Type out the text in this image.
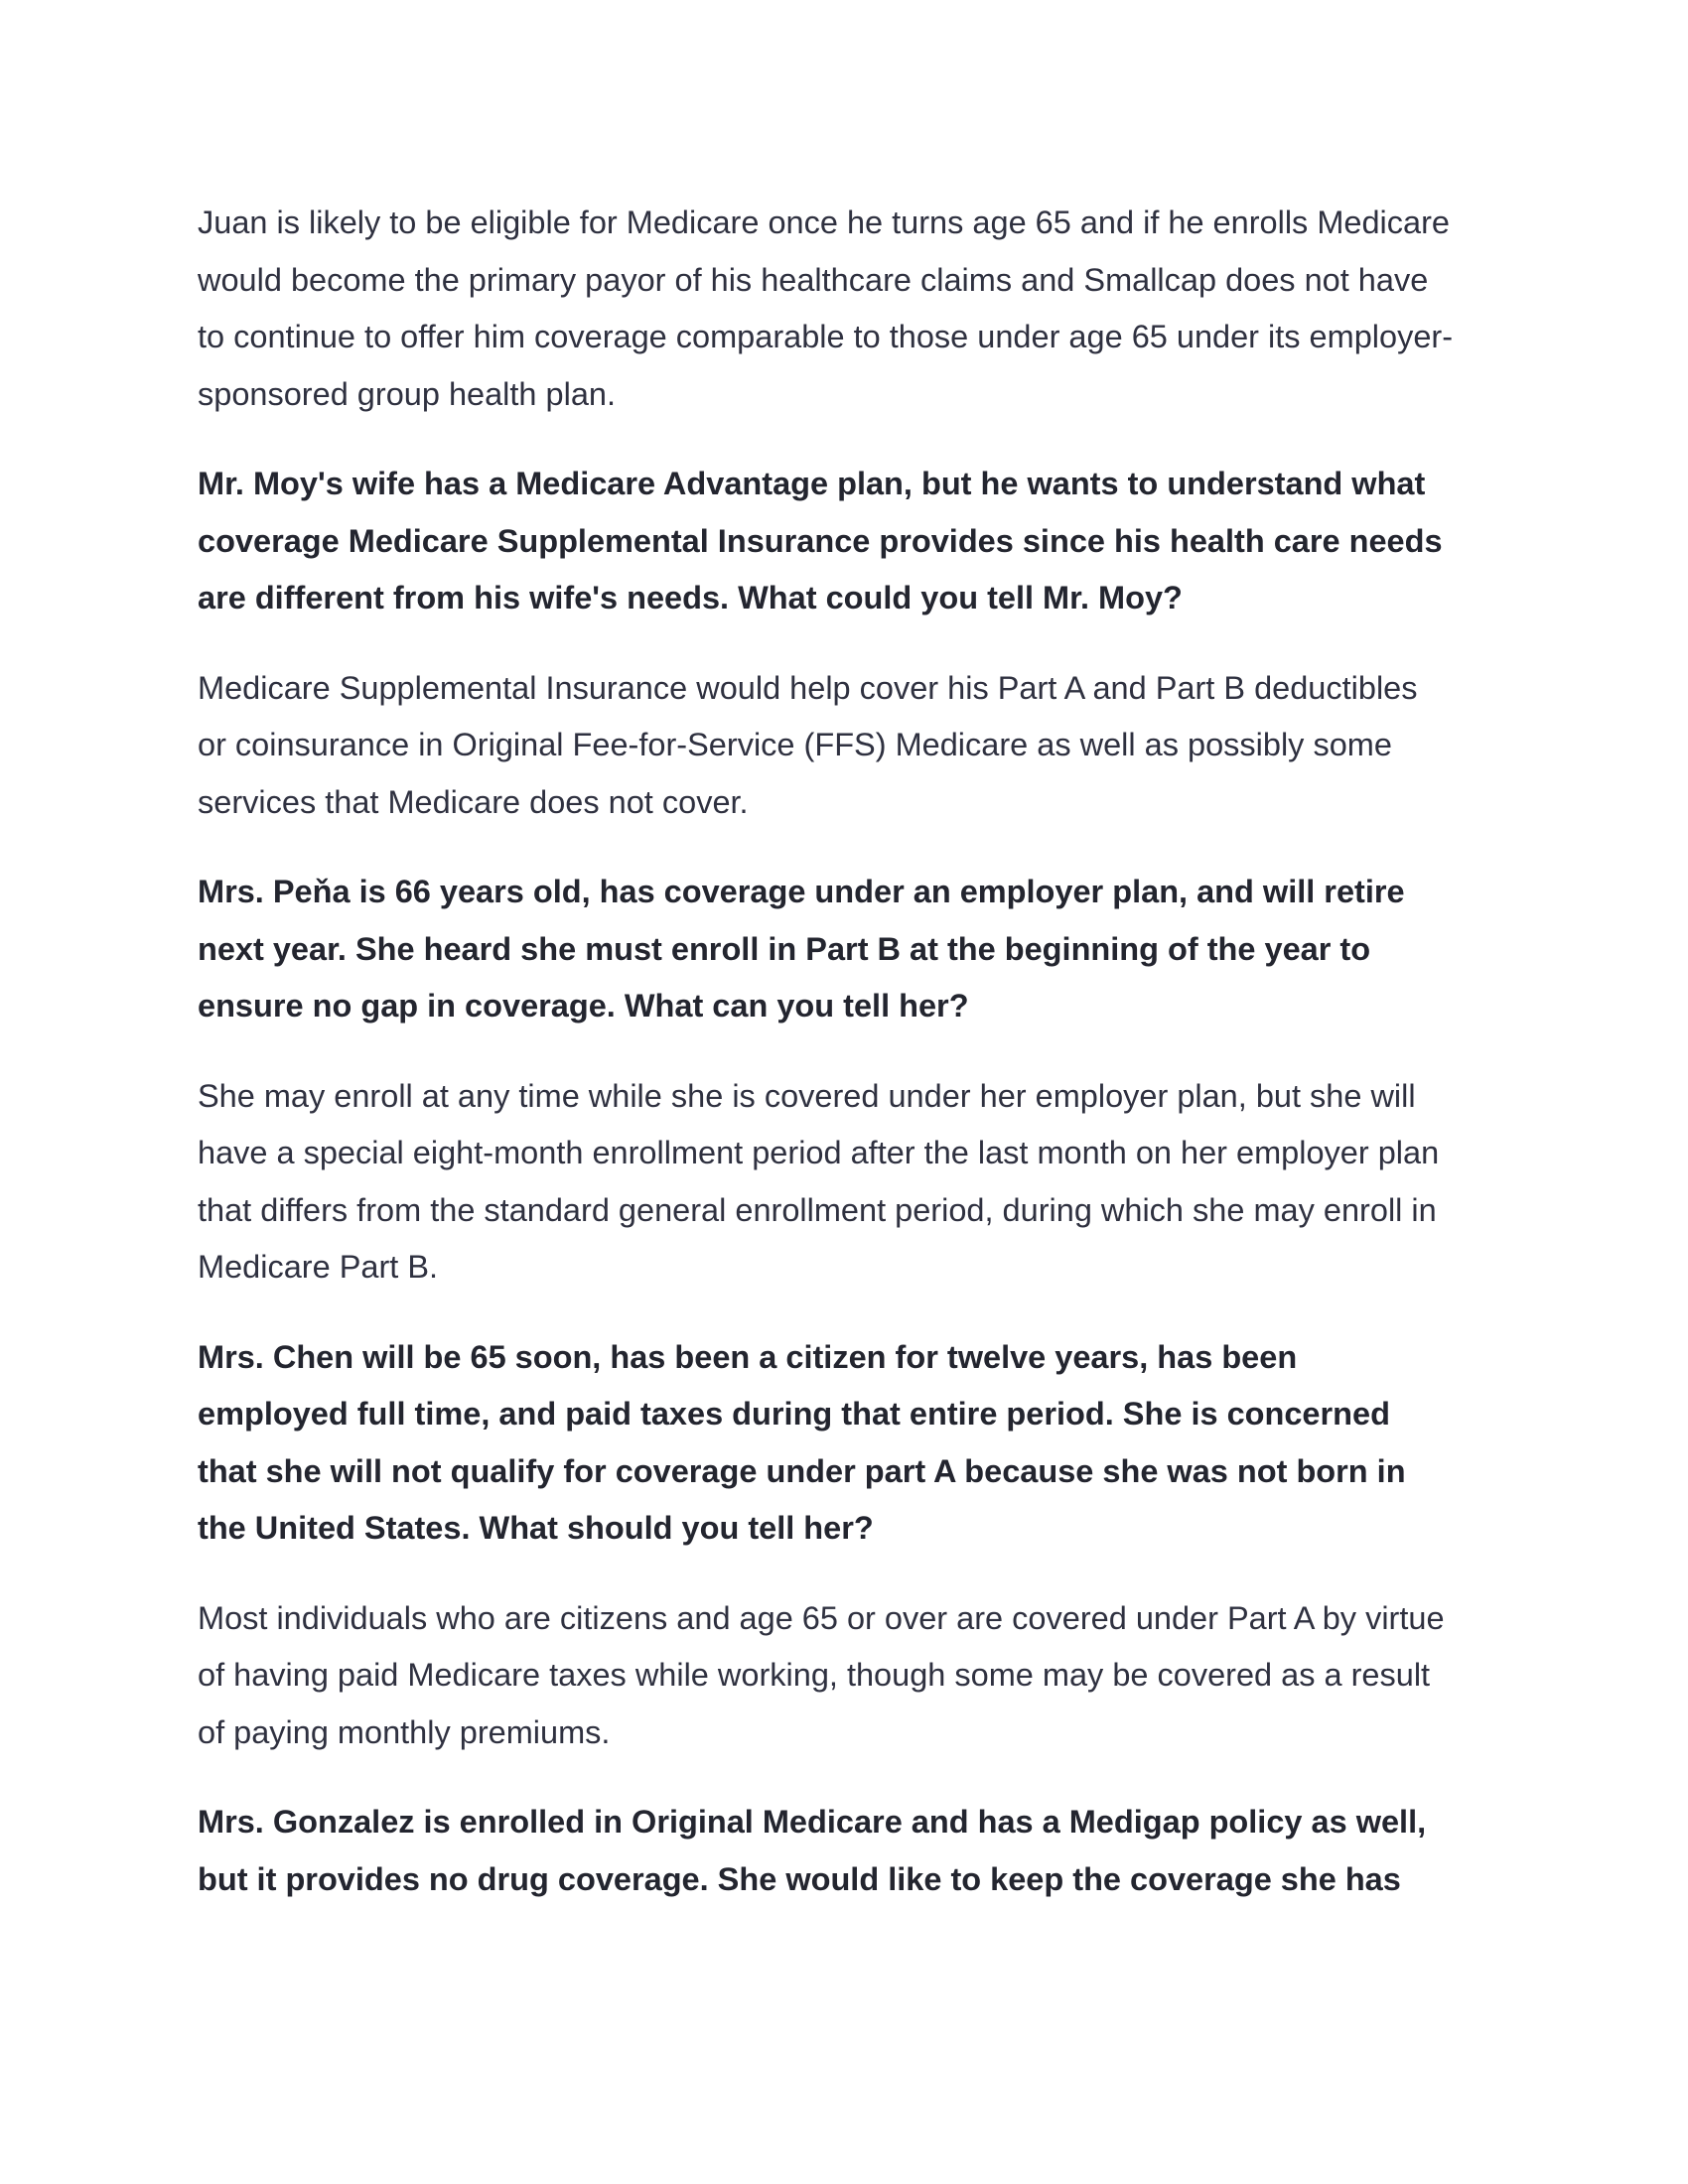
Juan is likely to be eligible for Medicare once he turns age 65 and if he enrolls Medicare
would become the primary payor of his healthcare claims and Smallcap does not have
to continue to offer him coverage comparable to those under age 65 under its employer-
sponsored group health plan.

Mr. Moy's wife has a Medicare Advantage plan, but he wants to understand what
coverage Medicare Supplemental Insurance provides since his health care needs
are different from his wife's needs. What could you tell Mr. Moy?

Medicare Supplemental Insurance would help cover his Part A and Part B deductibles
or coinsurance in Original Fee-for-Service (FFS) Medicare as well as possibly some
services that Medicare does not cover.

Mrs. Peňa is 66 years old, has coverage under an employer plan, and will retire
next year. She heard she must enroll in Part B at the beginning of the year to
ensure no gap in coverage. What can you tell her?

She may enroll at any time while she is covered under her employer plan, but she will
have a special eight-month enrollment period after the last month on her employer plan
that differs from the standard general enrollment period, during which she may enroll in
Medicare Part B.

Mrs. Chen will be 65 soon, has been a citizen for twelve years, has been
employed full time, and paid taxes during that entire period. She is concerned
that she will not qualify for coverage under part A because she was not born in
the United States. What should you tell her?

Most individuals who are citizens and age 65 or over are covered under Part A by virtue
of having paid Medicare taxes while working, though some may be covered as a result
of paying monthly premiums.

Mrs. Gonzalez is enrolled in Original Medicare and has a Medigap policy as well,
but it provides no drug coverage. She would like to keep the coverage she has
